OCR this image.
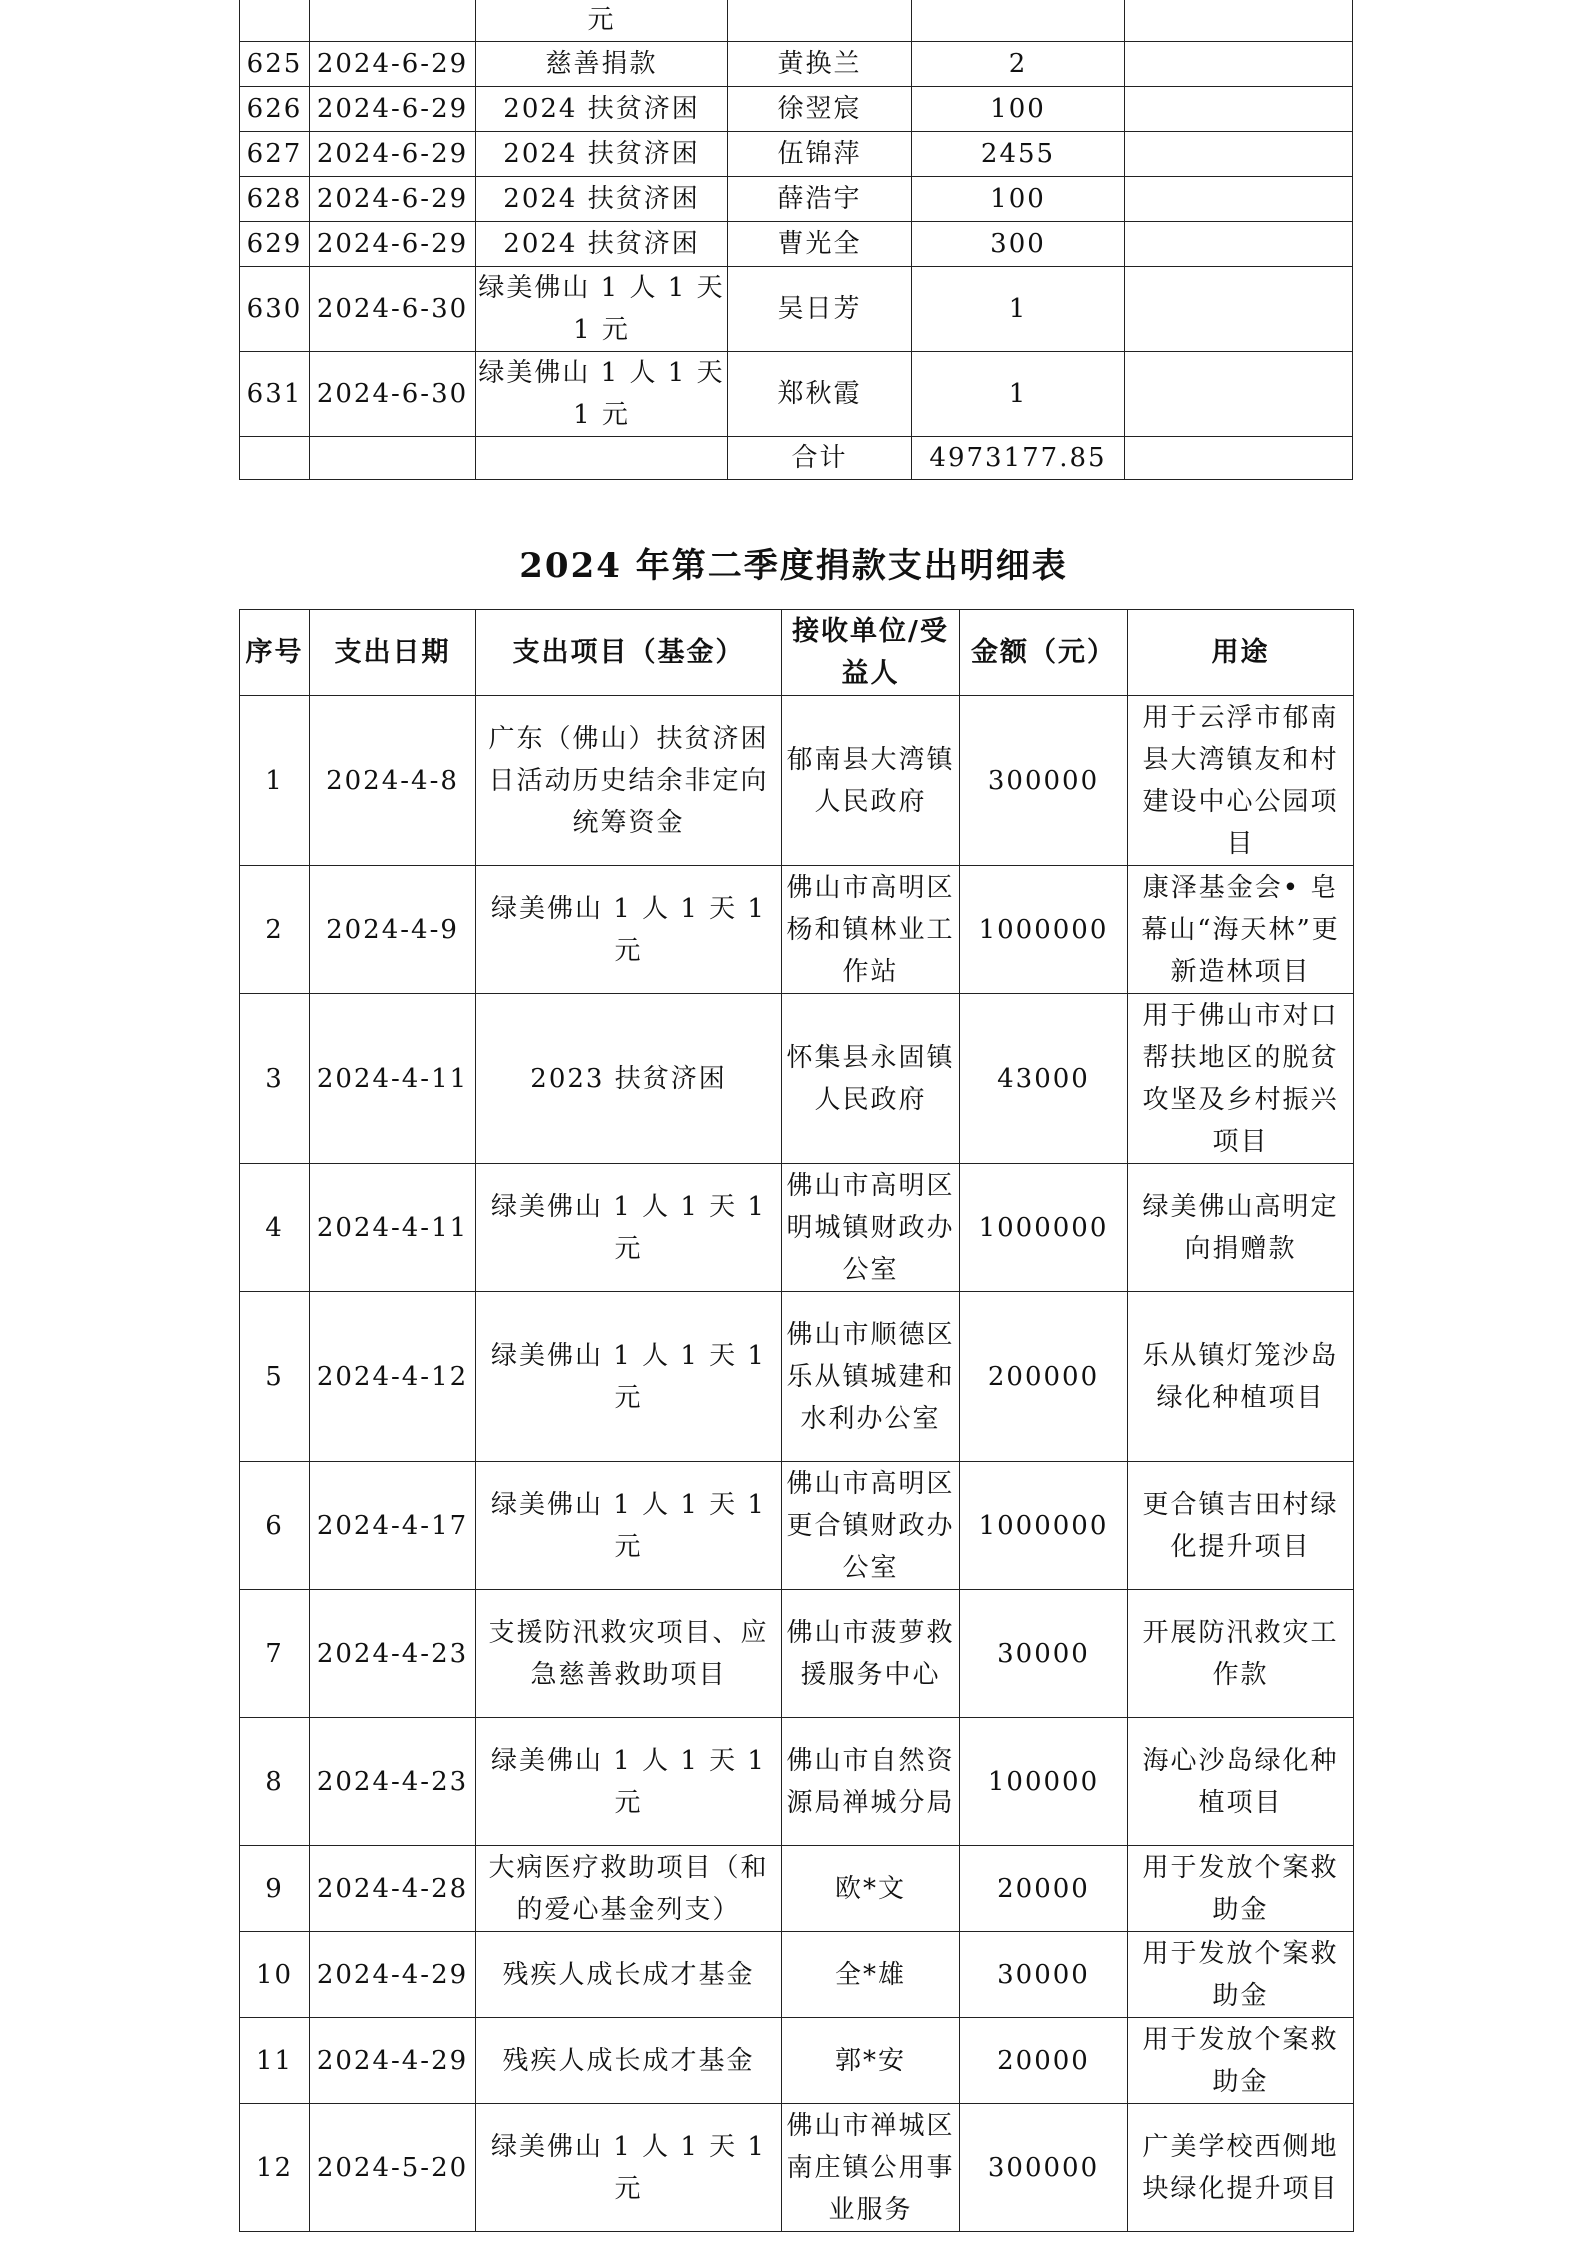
		元			
625	2024-6-29	慈善捐款	黄换兰	2	
626	2024-6-29	2024 扶贫济困	徐翌宸	100	
627	2024-6-29	2024 扶贫济困	伍锦萍	2455	
628	2024-6-29	2024 扶贫济困	薛浩宇	100	
629	2024-6-29	2024 扶贫济困	曹光全	300	
630	2024-6-30	绿美佛山 1 人 1 天 1 元	吴日芳	1	
631	2024-6-30	绿美佛山 1 人 1 天 1 元	郑秋霞	1	
			合计	4973177.85	
2024 年第二季度捐款支出明细表
序号	支出日期	支出项目（基金）	接收单位/受益人	金额（元）	用途
1	2024-4-8	广东（佛山）扶贫济困日活动历史结余非定向统筹资金	郁南县大湾镇人民政府	300000	用于云浮市郁南县大湾镇友和村建设中心公园项目
2	2024-4-9	绿美佛山 1 人 1 天 1 元	佛山市高明区杨和镇林业工作站	1000000	康泽基金会• 皂幕山“海天林”更新造林项目
3	2024-4-11	2023 扶贫济困	怀集县永固镇人民政府	43000	用于佛山市对口帮扶地区的脱贫攻坚及乡村振兴项目
4	2024-4-11	绿美佛山 1 人 1 天 1 元	佛山市高明区明城镇财政办公室	1000000	绿美佛山高明定向捐赠款
5	2024-4-12	绿美佛山 1 人 1 天 1 元	佛山市顺德区乐从镇城建和水利办公室	200000	乐从镇灯笼沙岛绿化种植项目
6	2024-4-17	绿美佛山 1 人 1 天 1 元	佛山市高明区更合镇财政办公室	1000000	更合镇吉田村绿化提升项目
7	2024-4-23	支援防汛救灾项目、应急慈善救助项目	佛山市菠萝救援服务中心	30000	开展防汛救灾工作款
8	2024-4-23	绿美佛山 1 人 1 天 1 元	佛山市自然资源局禅城分局	100000	海心沙岛绿化种植项目
9	2024-4-28	大病医疗救助项目（和的爱心基金列支）	欧*文	20000	用于发放个案救助金
10	2024-4-29	残疾人成长成才基金	全*雄	30000	用于发放个案救助金
11	2024-4-29	残疾人成长成才基金	郭*安	20000	用于发放个案救助金
12	2024-5-20	绿美佛山 1 人 1 天 1 元	佛山市禅城区南庄镇公用事业服务	300000	广美学校西侧地块绿化提升项目
